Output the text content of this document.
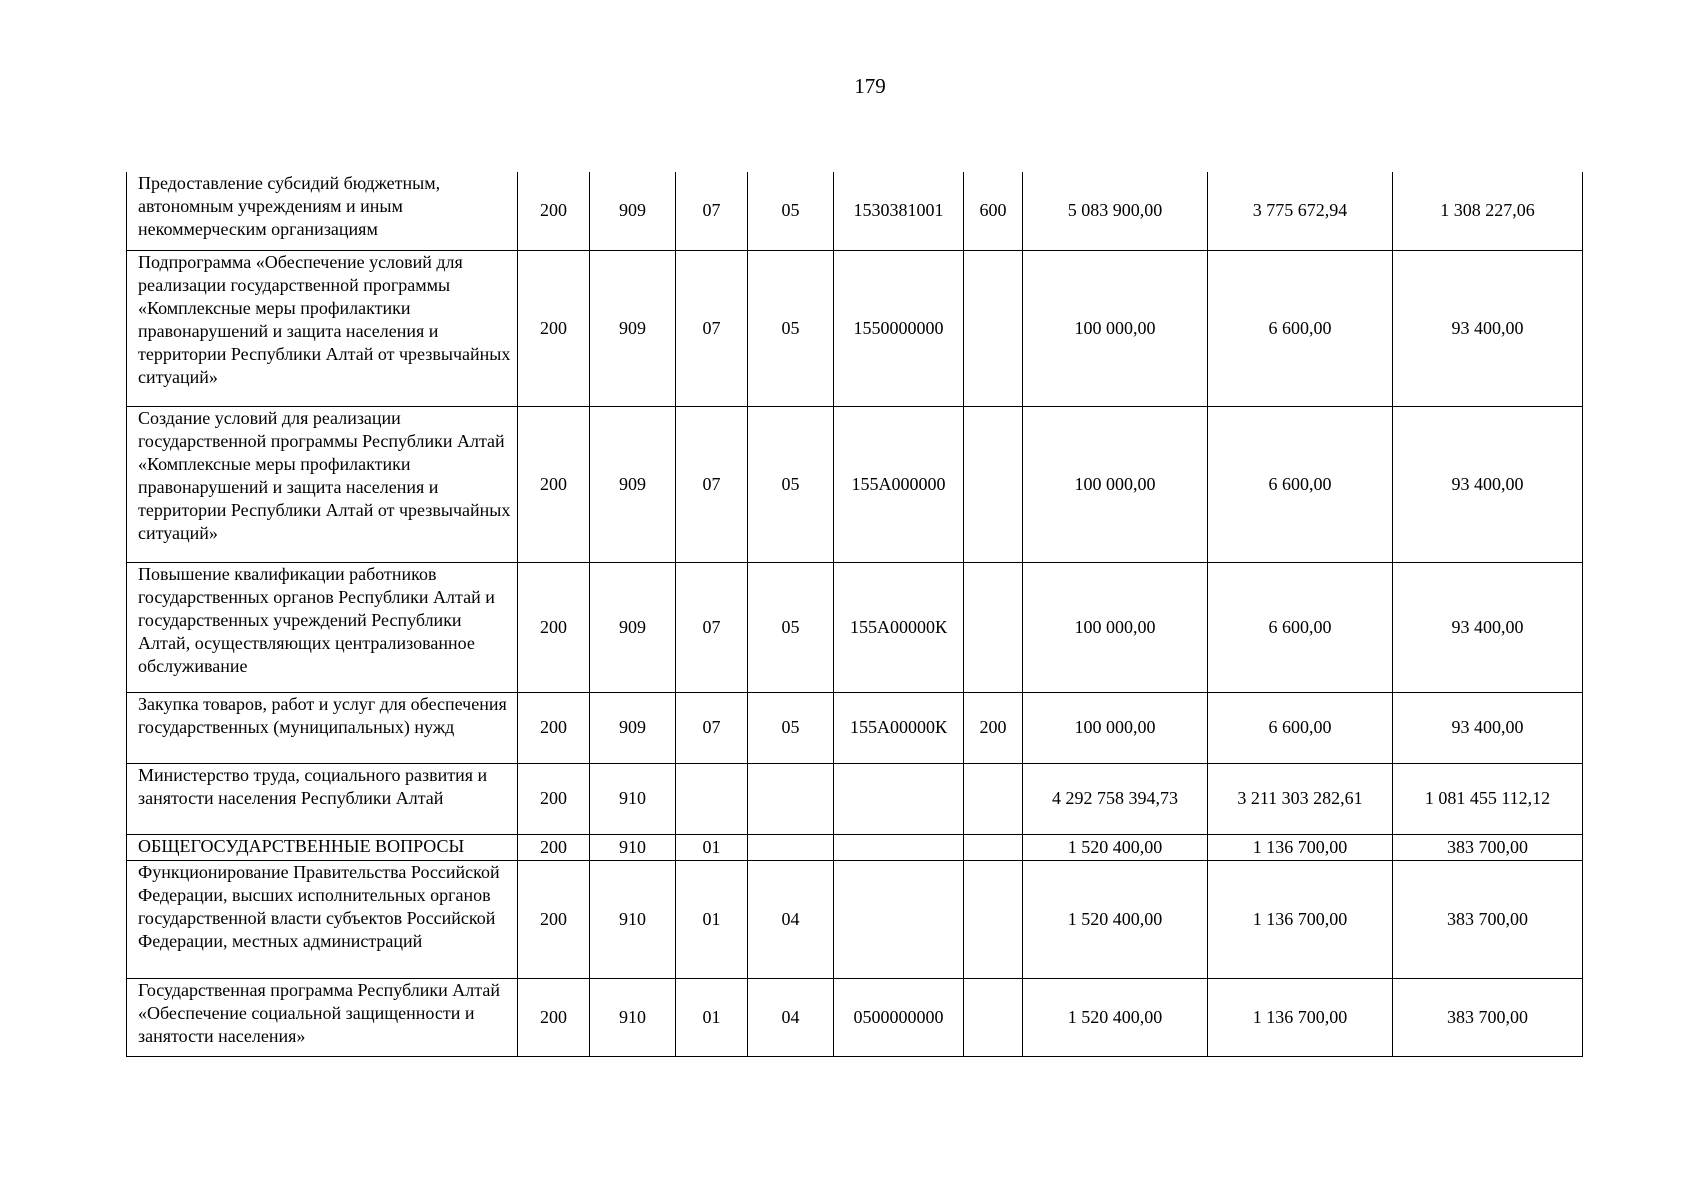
179
Предоставление субсидий бюджетным, автономным учреждениям и иным некоммерческим организациям	200	909	07	05	1530381001	600	5 083 900,00	3 775 672,94	1 308 227,06
Подпрограмма «Обеспечение условий для реализации государственной программы «Комплексные меры профилактики правонарушений и защита населения и территории Республики Алтай от чрезвычайных ситуаций»	200	909	07	05	1550000000		100 000,00	6 600,00	93 400,00
Создание условий для реализации государственной программы Республики Алтай «Комплексные меры профилактики правонарушений и защита населения и территории Республики Алтай от чрезвычайных ситуаций»	200	909	07	05	155А000000		100 000,00	6 600,00	93 400,00
Повышение квалификации работников государственных органов Республики Алтай и государственных учреждений Республики Алтай, осуществляющих централизованное обслуживание	200	909	07	05	155А00000К		100 000,00	6 600,00	93 400,00
Закупка товаров, работ и услуг для обеспечения государственных (муниципальных) нужд	200	909	07	05	155А00000К	200	100 000,00	6 600,00	93 400,00
Министерство труда, социального развития и занятости населения Республики Алтай	200	910					4 292 758 394,73	3 211 303 282,61	1 081 455 112,12
ОБЩЕГОСУДАРСТВЕННЫЕ ВОПРОСЫ	200	910	01				1 520 400,00	1 136 700,00	383 700,00
Функционирование Правительства Российской Федерации, высших исполнительных органов государственной власти субъектов Российской Федерации, местных администраций	200	910	01	04			1 520 400,00	1 136 700,00	383 700,00
Государственная программа Республики Алтай «Обеспечение социальной защищенности и занятости населения»	200	910	01	04	0500000000		1 520 400,00	1 136 700,00	383 700,00
